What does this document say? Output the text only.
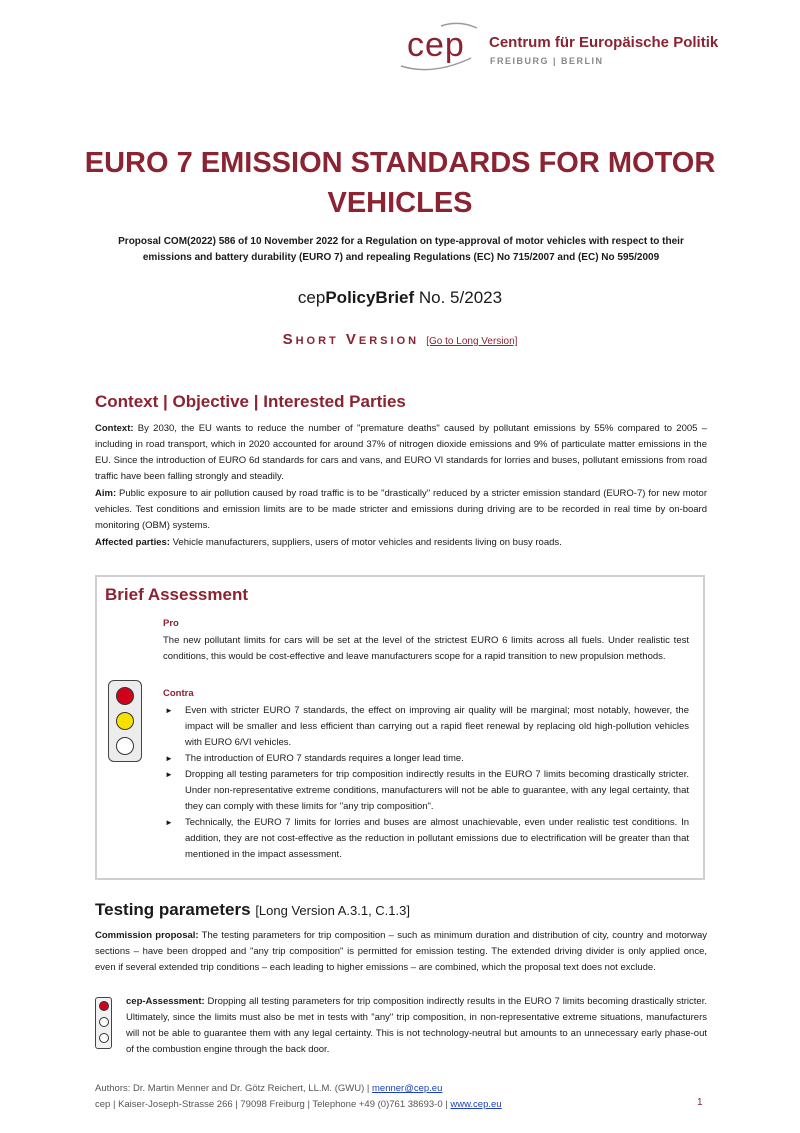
cep Centrum für Europäische Politik
FREIBURG | BERLIN
EURO 7 EMISSION STANDARDS FOR MOTOR
VEHICLES
Proposal COM(2022) 586 of 10 November 2022 for a Regulation on type-approval of motor vehicles with respect to their emissions and battery durability (EURO 7) and repealing Regulations (EC) No 715/2007 and (EC) No 595/2009
cepPolicyBrief No. 5/2023
Short Version [Go to Long Version]
Context | Objective | Interested Parties
Context: By 2030, the EU wants to reduce the number of "premature deaths" caused by pollutant emissions by 55% compared to 2005 – including in road transport, which in 2020 accounted for around 37% of nitrogen dioxide emissions and 9% of particulate matter emissions in the EU. Since the introduction of EURO 6d standards for cars and vans, and EURO VI standards for lorries and buses, pollutant emissions from road traffic have been falling strongly and steadily.
Aim: Public exposure to air pollution caused by road traffic is to be "drastically" reduced by a stricter emission standard (EURO-7) for new motor vehicles. Test conditions and emission limits are to be made stricter and emissions during driving are to be recorded in real time by on-board monitoring (OBM) systems.
Affected parties: Vehicle manufacturers, suppliers, users of motor vehicles and residents living on busy roads.
Brief Assessment
Pro
The new pollutant limits for cars will be set at the level of the strictest EURO 6 limits across all fuels. Under realistic test conditions, this would be cost-effective and leave manufacturers scope for a rapid transition to new propulsion methods.
Contra
► Even with stricter EURO 7 standards, the effect on improving air quality will be marginal; most notably, however, the impact will be smaller and less efficient than carrying out a rapid fleet renewal by replacing old high-pollution vehicles with EURO 6/VI vehicles.
► The introduction of EURO 7 standards requires a longer lead time.
► Dropping all testing parameters for trip composition indirectly results in the EURO 7 limits becoming drastically stricter. Under non-representative extreme conditions, manufacturers will not be able to guarantee, with any legal certainty, that they can comply with these limits for "any trip composition".
► Technically, the EURO 7 limits for lorries and buses are almost unachievable, even under realistic test conditions. In addition, they are not cost-effective as the reduction in pollutant emissions due to electrification will be greater than that mentioned in the impact assessment.
Testing parameters [Long Version A.3.1, C.1.3]
Commission proposal: The testing parameters for trip composition – such as minimum duration and distribution of city, country and motorway sections – have been dropped and "any trip composition" is permitted for emission testing. The extended driving divider is only applied once, even if several extended trip conditions – each leading to higher emissions – are combined, which the proposal text does not exclude.
cep-Assessment: Dropping all testing parameters for trip composition indirectly results in the EURO 7 limits becoming drastically stricter. Ultimately, since the limits must also be met in tests with "any" trip composition, in non-representative extreme situations, manufacturers will not be able to guarantee them with any legal certainty. This is not technology-neutral but amounts to an unnecessary early phase-out of the combustion engine through the back door.
Authors: Dr. Martin Menner and Dr. Götz Reichert, LL.M. (GWU) | menner@cep.eu
cep | Kaiser-Joseph-Strasse 266 | 79098 Freiburg | Telephone +49 (0)761 38693-0 | www.cep.eu	1
